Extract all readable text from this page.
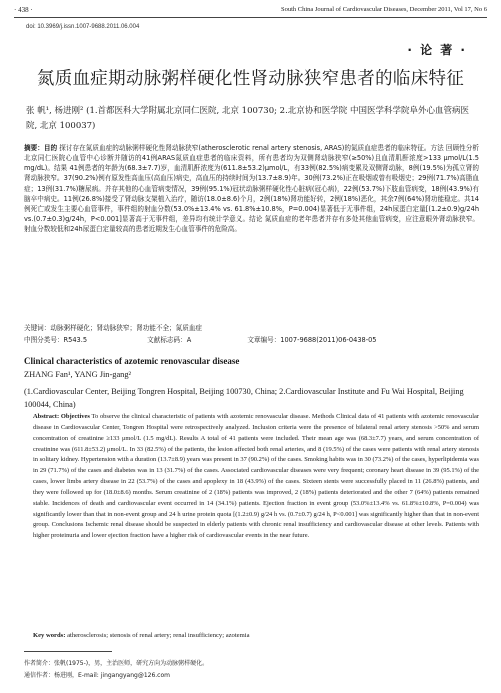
· 438 ·	South China Journal of Cardiovascular Diseases, December 2011, Vol 17, No 6
doi: 10.3969/j.issn.1007-9688.2011.06.004
· 论 著 ·
氮质血症期动脉粥样硬化性肾动脉狭窄患者的临床特征
张 帆¹, 杨进刚² (1.首都医科大学附属北京同仁医院, 北京 100730; 2.北京协和医学院 中国医学科学院阜外心血管病医院, 北京 100037)
摘要：目的 探讨存在氮质血症的动脉粥样硬化性肾动脉狭窄(atherosclerotic renal artery stenosis, ARAS)的氮质血症患者的临床特征。方法 回顾性分析北京同仁医院心血管中心诊断并随访的41例ARAS氮质血症患者的临床资料，所有患者均为双侧肾动脉狭窄(≥50%)且血清肌酐浓度>133 μmol/L(1.5 mg/dL)。结果 41例患者的年龄为(68.3±7.7)岁，血清肌酐浓度为(611.8±53.2)μmol/L，有33例(82.5%)病变累及双侧肾动脉，8例(19.5%)为孤立肾的肾动脉狭窄。37(90.2%)例有原发性高血压(高血压)病史，高血压的持续时间为(13.7±8.9)年。30例(73.2%)正在吸烟或曾有吸烟史；29例(71.7%)高脂血症；13例(31.7%)糖尿病。并存其他的心血管病变情况，39例(95.1%)冠状动脉粥样硬化性心脏病(冠心病)，22例(53.7%)下肢血管病变，18例(43.9%)有脑卒中病史。11例(26.8%)接受了肾动脉支架植入治疗，随访(18.0±8.6)个月，2例(18%)肾功能好转，2例(18%)恶化，其余7例(64%)肾功能稳定。共14例死亡或发生主要心血管事件，事件组的射血分数(53.0%±13.4% vs. 61.8%±10.8%，P=0.004)显著低于无事件组，24h尿蛋白定量[(1.2±0.9)g/24h vs.(0.7±0.3)g/24h，P<0.001]显著高于无事件组，差异均有统计学意义。结论 氮质血症的老年患者并存有多处其他血管病变，应注意眼外肾动脉狭窄。射血分数较低和24h尿蛋白定量较高的患者近期发生心血管事件的危险高。
关键词：动脉粥样硬化；肾动脉狭窄；肾功能不全；氮质血症
中图分类号：R543.5	文献标志码：A	文章编号：1007-9688(2011)06-0438-05
Clinical characteristics of azotemic renovascular disease
ZHANG Fan¹, YANG Jin-gang²
(1.Cardiovascular Center, Beijing Tongren Hospital, Beijing 100730, China; 2.Cardiovascular Institute and Fu Wai Hospital, Beijing 100044, China)
Abstract: Objectives To observe the clinical characteristic of patients with azotemic renovascular disease. Methods Clinical data of 41 patients with azotemic renovascular disease in Cardiovascular Center, Tongren Hospital were retrospectively analyzed. Inclusion criteria were the presence of bilateral renal artery stenosis >50% and serum concentration of creatinine ≥133 μmol/L (1.5 mg/dL). Results A total of 41 patients were included. Their mean age was (68.3±7.7) years, and serum concentration of creatinine was (611.8±53.2) μmol/L. In 33 (82.5%) of the patients, the lesion affected both renal arteries, and 8 (19.5%) of the cases were patients with renal artery stenosis in solitary kidney. Hypertension with a duration (13.7±8.9) years was present in 37 (90.2%) of the cases. Smoking habits was in 30 (73.2%) of the cases, hyperlipidemia was in 29 (71.7%) of the cases and diabetes was in 13 (31.7%) of the cases. Associated cardiovascular diseases were very frequent; coronary heart disease in 39 (95.1%) of the cases, lower limbs artery disease in 22 (53.7%) of the cases and apoplexy in 18 (43.9%) of the cases. Sixteen stents were successfully placed in 11 (26.8%) patients, and they were followed up for (18.0±8.6) months. Serum creatinine of 2 (18%) patients was improved, 2 (18%) patients deteriorated and the other 7 (64%) patients remained stable. Incidences of death and cardiovascular event occurred in 14 (34.1%) patients. Ejection fraction in event group (53.0%±13.4% vs. 61.8%±10.8%, P=0.004) was significantly lower than that in non-event group and 24 h urine protein quota [(1.2±0.9) g/24 h vs. (0.7±0.7) g/24 h, P<0.001] was significantly higher than that in non-event group. Conclusions Ischemic renal disease should be suspected in elderly patients with chronic renal insufficiency and cardiovascular disease at other levels. Patients with higher proteinuria and lower ejection fraction have a higher risk of cardiovascular events in the near future.
Key words: atherosclerosis; stenosis of renal artery; renal insufficiency; azotemia
作者简介：张帆(1975-)，男，主治医师，研究方向为动脉粥样硬化。
通信作者：杨进刚，E-mail: jingangyang@126.com
